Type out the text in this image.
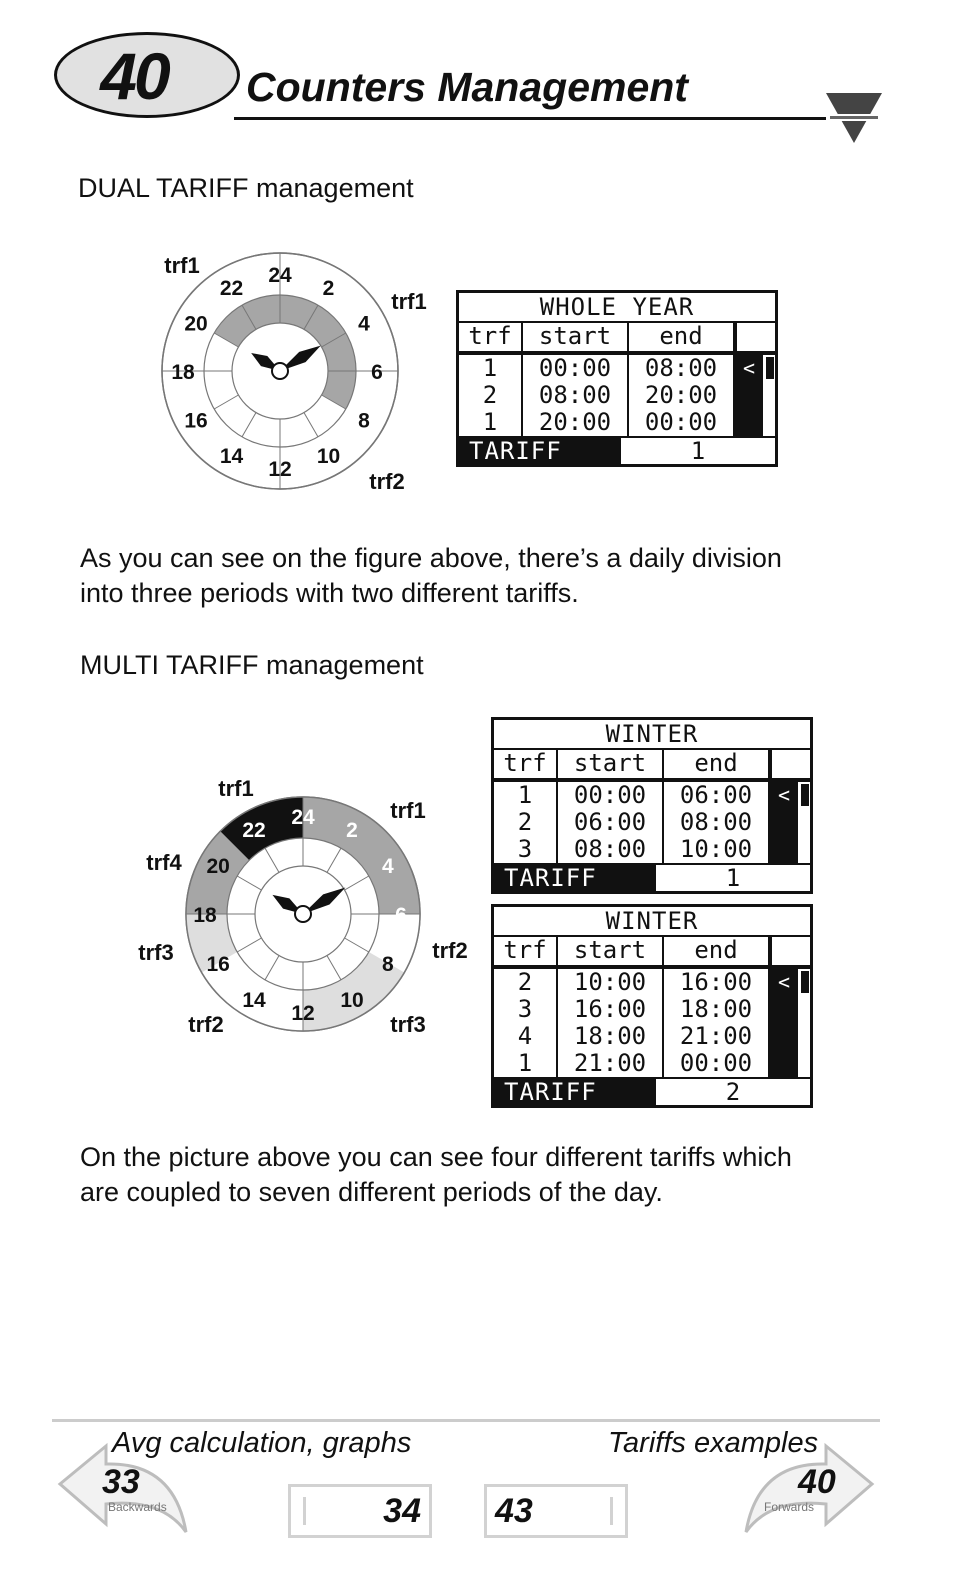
40	Counters Management
DUAL TARIFF management
24
2
4
6
8
10
12
14
16
18
20
22
trf1
trf1
trf2
WHOLE YEAR
trf	start	end
1	00:00	08:00	<
2	08:00	20:00
1	20:00	00:00
TARIFF	1
As you can see on the figure above, there’s a daily division
into three periods with two different tariffs.
MULTI TARIFF management
24
2
4
6
8
10
12
14
16
18
20
22
trf1
trf1
trf4
trf3	trf2
trf2	trf3
WINTER
trf	start	end
1	00:00	06:00	<
2	06:00	08:00
3	08:00	10:00
TARIFF	1
WINTER
trf	start	end
2	10:00	16:00	<
3	16:00	18:00
4	18:00	21:00
1	21:00	00:00
TARIFF	2
On the picture above you can see four different tariffs which
are coupled to seven different periods of the day.
Avg calculation, graphs	Tariffs examples
33
Backwards
40
Forwards
34 43
